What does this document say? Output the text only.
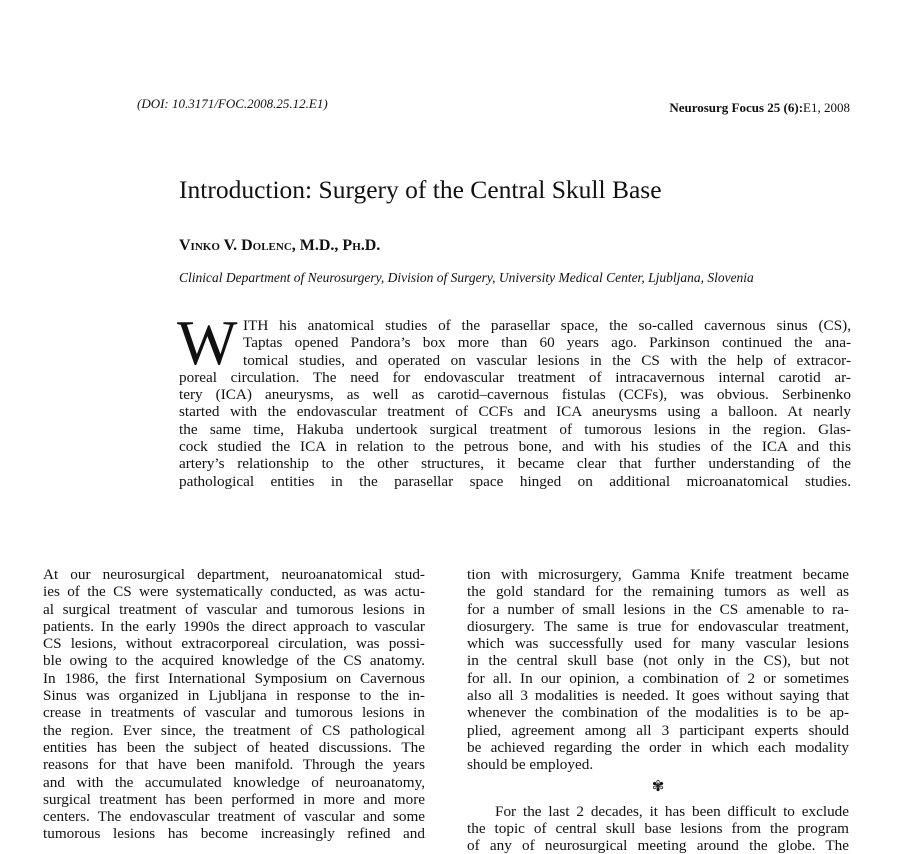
(DOI: 10.3171/FOC.2008.25.12.E1)	Neurosurg Focus 25 (6):E1, 2008
Introduction: Surgery of the Central Skull Base
Vinko V. Dolenc, M.D., Ph.D.
Clinical Department of Neurosurgery, Division of Surgery, University Medical Center, Ljubljana, Slovenia
W ITH his anatomical studies of the parasellar space, the so-called cavernous sinus (CS),
Taptas opened Pandora’s box more than 60 years ago. Parkinson continued the ana-
tomical studies, and operated on vascular lesions in the CS with the help of extracor-
poreal circulation. The need for endovascular treatment of intracavernous internal carotid ar-
tery (ICA) aneurysms, as well as carotid–cavernous fistulas (CCFs), was obvious. Serbinenko
started with the endovascular treatment of CCFs and ICA aneurysms using a balloon. At nearly
the same time, Hakuba undertook surgical treatment of tumorous lesions in the region. Glas-
cock studied the ICA in relation to the petrous bone, and with his studies of the ICA and this
artery’s relationship to the other structures, it became clear that further understanding of the
pathological entities in the parasellar space hinged on additional microanatomical studies.
At our neurosurgical department, neuroanatomical stud-
ies of the CS were systematically conducted, as was actu-
al surgical treatment of vascular and tumorous lesions in
patients. In the early 1990s the direct approach to vascular
CS lesions, without extracorporeal circulation, was possi-
ble owing to the acquired knowledge of the CS anatomy.
In 1986, the first International Symposium on Cavernous
Sinus was organized in Ljubljana in response to the in-
crease in treatments of vascular and tumorous lesions in
the region. Ever since, the treatment of CS pathological
entities has been the subject of heated discussions. The
reasons for that have been manifold. Through the years
and with the accumulated knowledge of neuroanatomy,
surgical treatment has been performed in more and more
centers. The endovascular treatment of vascular and some
tumorous lesions has become increasingly refined and
tion with microsurgery, Gamma Knife treatment became
the gold standard for the remaining tumors as well as
for a number of small lesions in the CS amenable to ra-
diosurgery. The same is true for endovascular treatment,
which was successfully used for many vascular lesions
in the central skull base (not only in the CS), but not
for all. In our opinion, a combination of 2 or sometimes
also all 3 modalities is needed. It goes without saying that
whenever the combination of the modalities is to be ap-
plied, agreement among all 3 participant experts should
be achieved regarding the order in which each modality
should be employed.
✾
For the last 2 decades, it has been difficult to exclude
the topic of central skull base lesions from the program
of any of neurosurgical meeting around the globe. The
